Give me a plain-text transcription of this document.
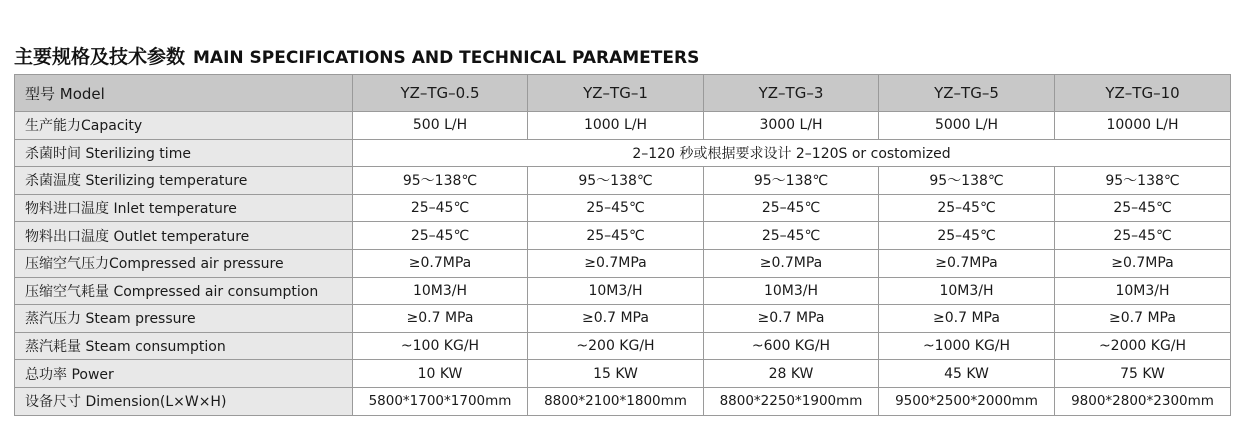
主要规格及技术参数 MAIN SPECIFICATIONS AND TECHNICAL PARAMETERS
型号 Model	YZ–TG–0.5	YZ–TG–1	YZ–TG–3	YZ–TG–5	YZ–TG–10
生产能力Capacity	500 L/H	1000 L/H	3000 L/H	5000 L/H	10000 L/H
杀菌时间 Sterilizing time	2–120 秒或根据要求设计 2–120S or costomized				
杀菌温度 Sterilizing temperature	95～138℃	95～138℃	95～138℃	95～138℃	95～138℃
物料进口温度 Inlet temperature	25–45℃	25–45℃	25–45℃	25–45℃	25–45℃
物料出口温度 Outlet temperature	25–45℃	25–45℃	25–45℃	25–45℃	25–45℃
压缩空气压力Compressed air pressure	≥0.7MPa	≥0.7MPa	≥0.7MPa	≥0.7MPa	≥0.7MPa
压缩空气耗量 Compressed air consumption	10M3/H	10M3/H	10M3/H	10M3/H	10M3/H
蒸汽压力 Steam pressure	≥0.7 MPa	≥0.7 MPa	≥0.7 MPa	≥0.7 MPa	≥0.7 MPa
蒸汽耗量 Steam consumption	~100 KG/H	~200 KG/H	~600 KG/H	~1000 KG/H	~2000 KG/H
总功率 Power	10 KW	15 KW	28 KW	45 KW	75 KW
设备尺寸 Dimension(L×W×H)	5800*1700*1700mm	8800*2100*1800mm	8800*2250*1900mm	9500*2500*2000mm	9800*2800*2300mm
